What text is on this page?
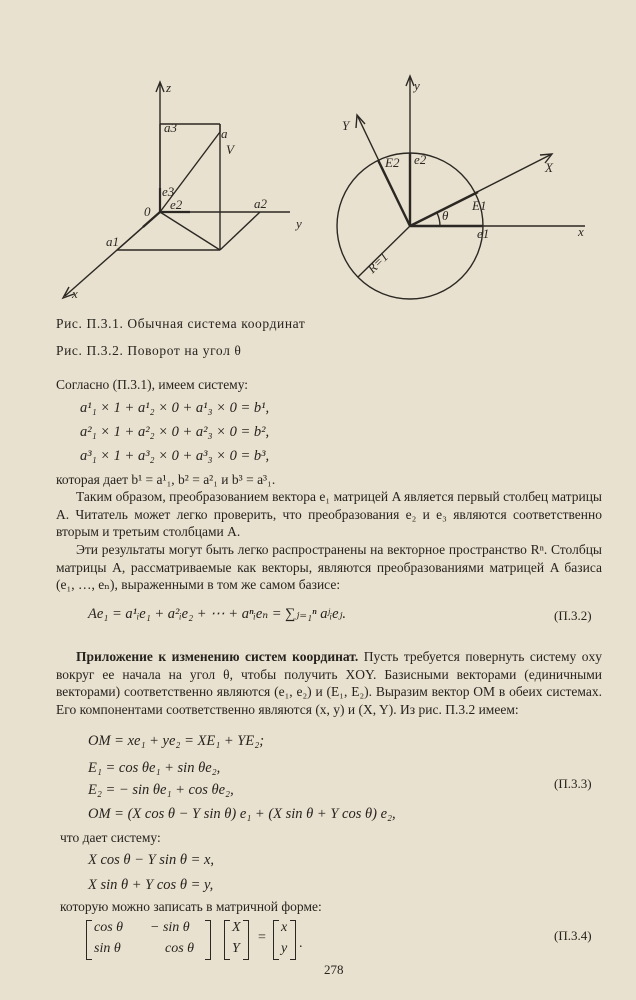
z
y
x
a
V
a3
a2
a1
e3
e2
0
y
Y
X
x
E2 e2
E1
e1
θ
R=1
Рис. П.3.1. Обычная система координат
Рис. П.3.2. Поворот на угол θ
Согласно (П.3.1), имеем систему:
a¹₁ × 1 + a¹₂ × 0 + a¹₃ × 0 = b¹,
a²₁ × 1 + a²₂ × 0 + a²₃ × 0 = b²,
a³₁ × 1 + a³₂ × 0 + a³₃ × 0 = b³,
которая дает b¹ = a¹₁, b² = a²₁ и b³ = a³₁.
Таким образом, преобразованием вектора e₁ матрицей A является первый столбец матрицы A. Читатель может легко проверить, что преобразования e₂ и e₃ являются соответственно вторым и третьим столбцами A.
Эти результаты могут быть легко распространены на векторное пространство Rⁿ. Столбцы матрицы A, рассматриваемые как векторы, являются преобразованиями матрицей A базиса (e₁, …, eₙ), выраженными в том же самом базисе:
Ae₁ = a¹ᵢe₁ + a²ᵢe₂ + ⋯ + aⁿᵢeₙ = ∑ⱼ₌₁ⁿ aʲᵢeⱼ.	(П.3.2)
Приложение к изменению систем координат. Пусть требуется повернуть систему oxy вокруг ее начала на угол θ, чтобы получить XOY. Базисными векторами (единичными векторами) соответственно являются (e₁, e₂) и (E₁, E₂). Выразим вектор OM в обеих системах. Его компонентами соответственно являются (x, y) и (X, Y). Из рис. П.3.2 имеем:
OM = xe₁ + ye₂ = XE₁ + YE₂;
E₁ = cos θe₁ + sin θe₂,
E₂ = − sin θe₁ + cos θe₂,	(П.3.3)
OM = (X cos θ − Y sin θ) e₁ + (X sin θ + Y cos θ) e₂,
что дает систему:
X cos θ − Y sin θ = x,
X sin θ + Y cos θ = y,
которую можно записать в матричной форме:
cos θ − sin θ
sin θ	cos θ
X
Y
=
x
y .
(П.3.4)
278
